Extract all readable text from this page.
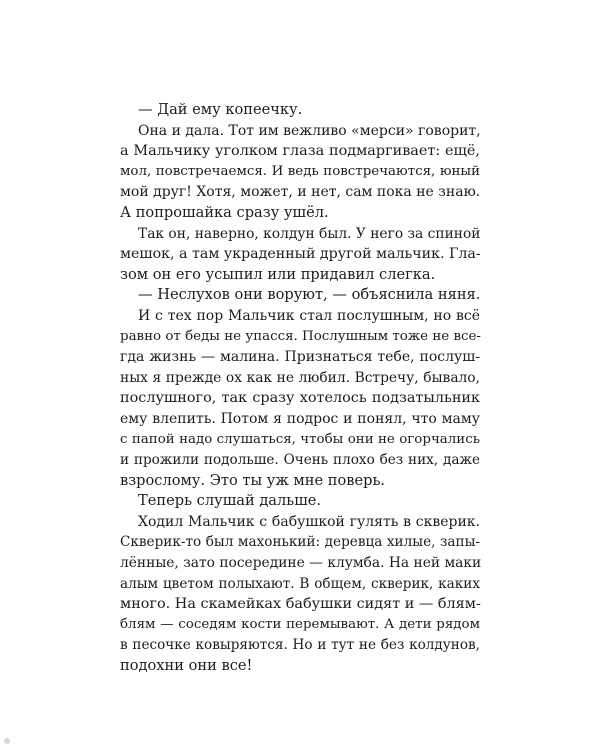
— Дай ему копеечку.
Она и дала. Тот им вежливо «мерси» говорит,
а Мальчику уголком глаза подмаргивает: ещё,
мол, повстречаемся. И ведь повстречаются, юный
мой друг! Хотя, может, и нет, сам пока не знаю.
А попрошайка сразу ушёл.
Так он, наверно, колдун был. У него за спиной
мешок, а там украденный другой мальчик. Гла-
зом он его усыпил или придавил слегка.
— Неслухов они воруют, — объяснила няня.
И с тех пор Мальчик стал послушным, но всё
равно от беды не упасся. Послушным тоже не все-
гда жизнь — малина. Признаться тебе, послуш-
ных я прежде ох как не любил. Встречу, бывало,
послушного, так сразу хотелось подзатыльник
ему влепить. Потом я подрос и понял, что маму
с папой надо слушаться, чтобы они не огорчались
и прожили подольше. Очень плохо без них, даже
взрослому. Это ты уж мне поверь.
Теперь слушай дальше.
Ходил Мальчик с бабушкой гулять в скверик.
Скверик-то был махонький: деревца хилые, запы-
лённые, зато посередине — клумба. На ней маки
алым цветом полыхают. В общем, скверик, каких
много. На скамейках бабушки сидят и — блям-
блям — соседям кости перемывают. А дети рядом
в песочке ковыряются. Но и тут не без колдунов,
подохни они все!
